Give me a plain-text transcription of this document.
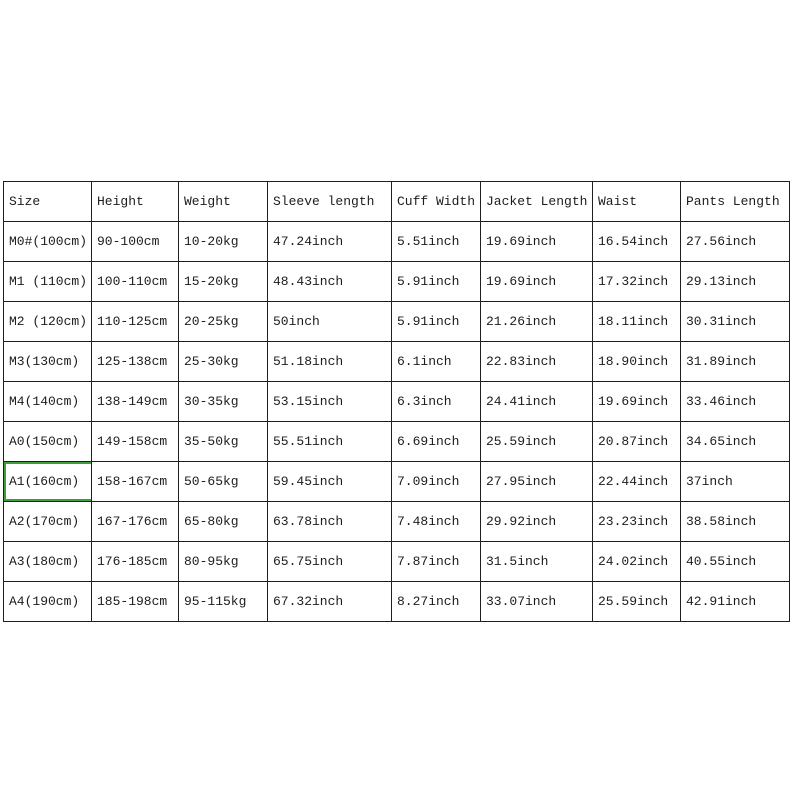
Size	Height	Weight	Sleeve length	Cuff Width	Jacket Length	Waist	Pants Length
M0#(100cm)	90-100cm	10-20kg	47.24inch	5.51inch	19.69inch	16.54inch	27.56inch
M1 (110cm)	100-110cm	15-20kg	48.43inch	5.91inch	19.69inch	17.32inch	29.13inch
M2 (120cm)	110-125cm	20-25kg	50inch	5.91inch	21.26inch	18.11inch	30.31inch
M3(130cm)	125-138cm	25-30kg	51.18inch	6.1inch	22.83inch	18.90inch	31.89inch
M4(140cm)	138-149cm	30-35kg	53.15inch	6.3inch	24.41inch	19.69inch	33.46inch
A0(150cm)	149-158cm	35-50kg	55.51inch	6.69inch	25.59inch	20.87inch	34.65inch
A1(160cm)	158-167cm	50-65kg	59.45inch	7.09inch	27.95inch	22.44inch	37inch
A2(170cm)	167-176cm	65-80kg	63.78inch	7.48inch	29.92inch	23.23inch	38.58inch
A3(180cm)	176-185cm	80-95kg	65.75inch	7.87inch	31.5inch	24.02inch	40.55inch
A4(190cm)	185-198cm	95-115kg	67.32inch	8.27inch	33.07inch	25.59inch	42.91inch
